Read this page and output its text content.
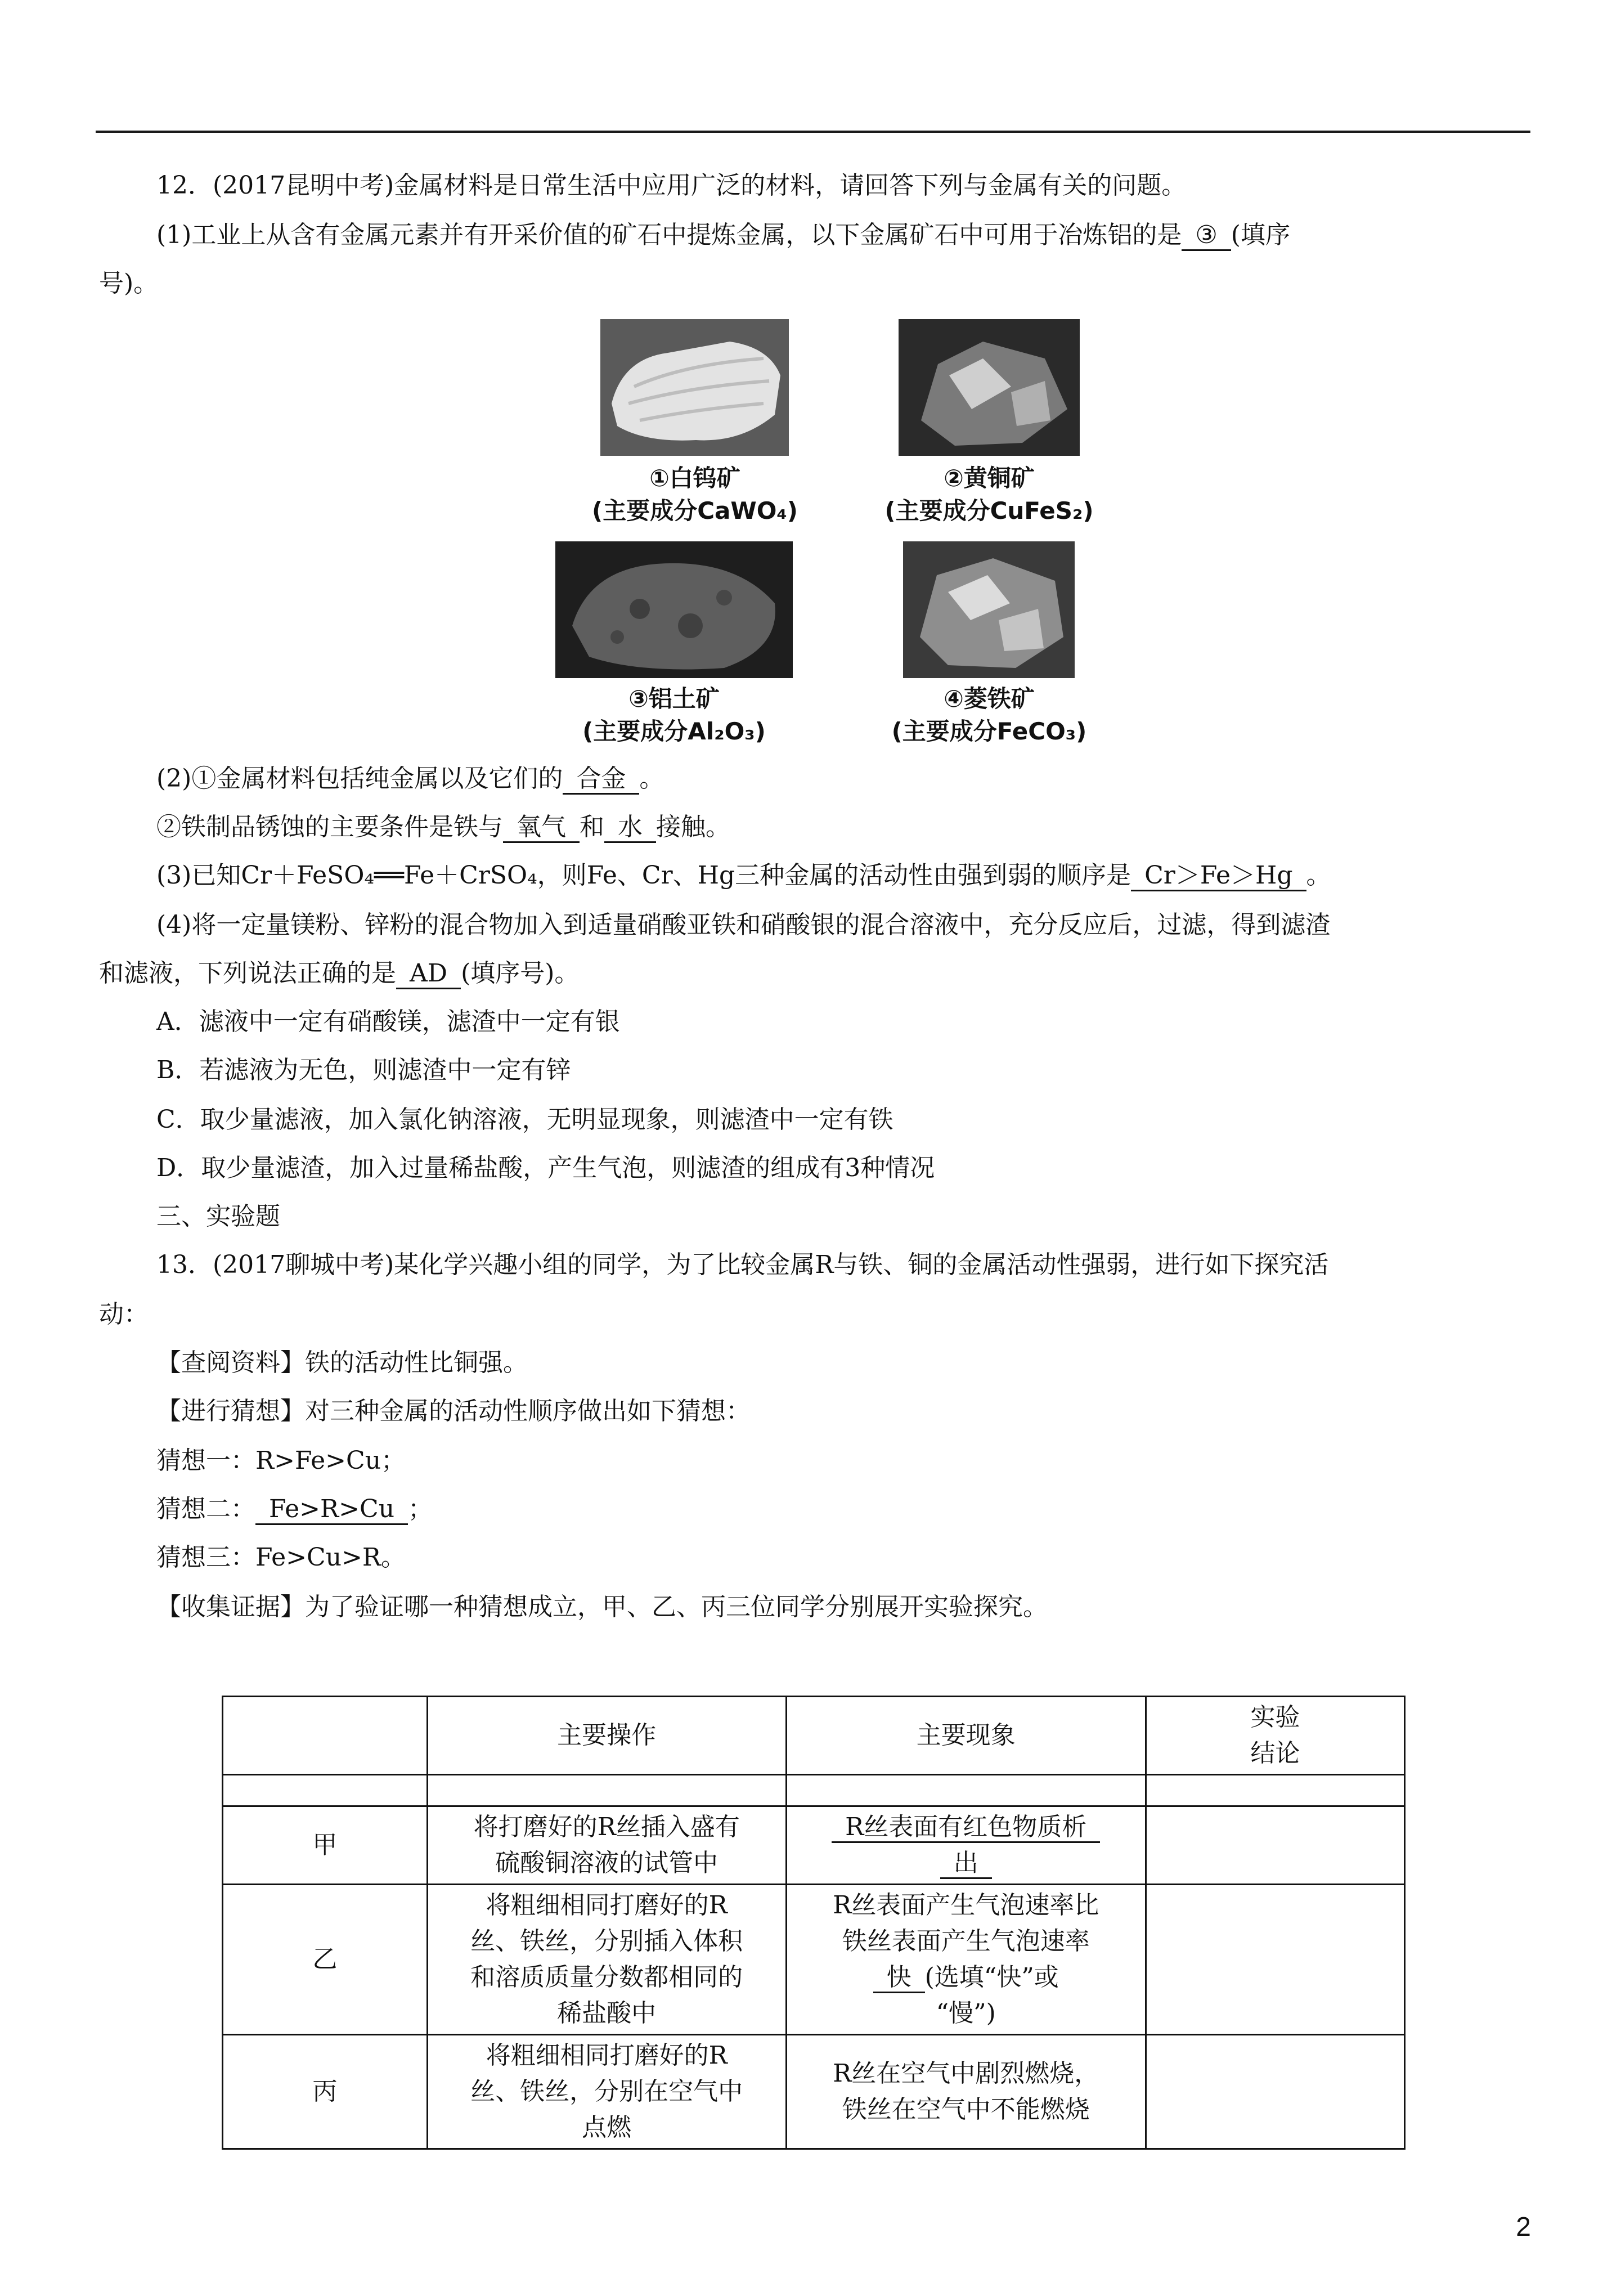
12．(2017昆明中考)金属材料是日常生活中应用广泛的材料，请回答下列与金属有关的问题。
(1)工业上从含有金属元素并有开采价值的矿石中提炼金属，以下金属矿石中可用于冶炼铝的是 ③ (填序
号)。
①白钨矿
(主要成分CaWO₄)
②黄铜矿
(主要成分CuFeS₂)
③铝土矿
(主要成分Al₂O₃)
④菱铁矿
(主要成分FeCO₃)
(2)①金属材料包括纯金属以及它们的 合金 。
②铁制品锈蚀的主要条件是铁与 氧气 和 水 接触。
(3)已知Cr＋FeSO₄══Fe＋CrSO₄，则Fe、Cr、Hg三种金属的活动性由强到弱的顺序是 Cr＞Fe＞Hg 。
(4)将一定量镁粉、锌粉的混合物加入到适量硝酸亚铁和硝酸银的混合溶液中，充分反应后，过滤，得到滤渣
和滤液，下列说法正确的是 AD (填序号)。
A．滤液中一定有硝酸镁，滤渣中一定有银
B．若滤液为无色，则滤渣中一定有锌
C．取少量滤液，加入氯化钠溶液，无明显现象，则滤渣中一定有铁
D．取少量滤渣，加入过量稀盐酸，产生气泡，则滤渣的组成有3种情况
三、实验题
13．(2017聊城中考)某化学兴趣小组的同学，为了比较金属R与铁、铜的金属活动性强弱，进行如下探究活
动：
【查阅资料】铁的活动性比铜强。
【进行猜想】对三种金属的活动性顺序做出如下猜想：
猜想一：R>Fe>Cu；
猜想二： Fe>R>Cu ；
猜想三：Fe>Cu>R。
【收集证据】为了验证哪一种猜想成立，甲、乙、丙三位同学分别展开实验探究。
	主要操作	主要现象	实验
结论

甲	将打磨好的R丝插入盛有
硫酸铜溶液的试管中	R丝表面有红色物质析
出	
乙	将粗细相同打磨好的R
丝、铁丝，分别插入体积
和溶质质量分数都相同的
稀盐酸中	R丝表面产生气泡速率比
铁丝表面产生气泡速率
快 (选填“快”或
“慢”)	
丙	将粗细相同打磨好的R
丝、铁丝，分别在空气中
点燃	R丝在空气中剧烈燃烧，
铁丝在空气中不能燃烧	
2
